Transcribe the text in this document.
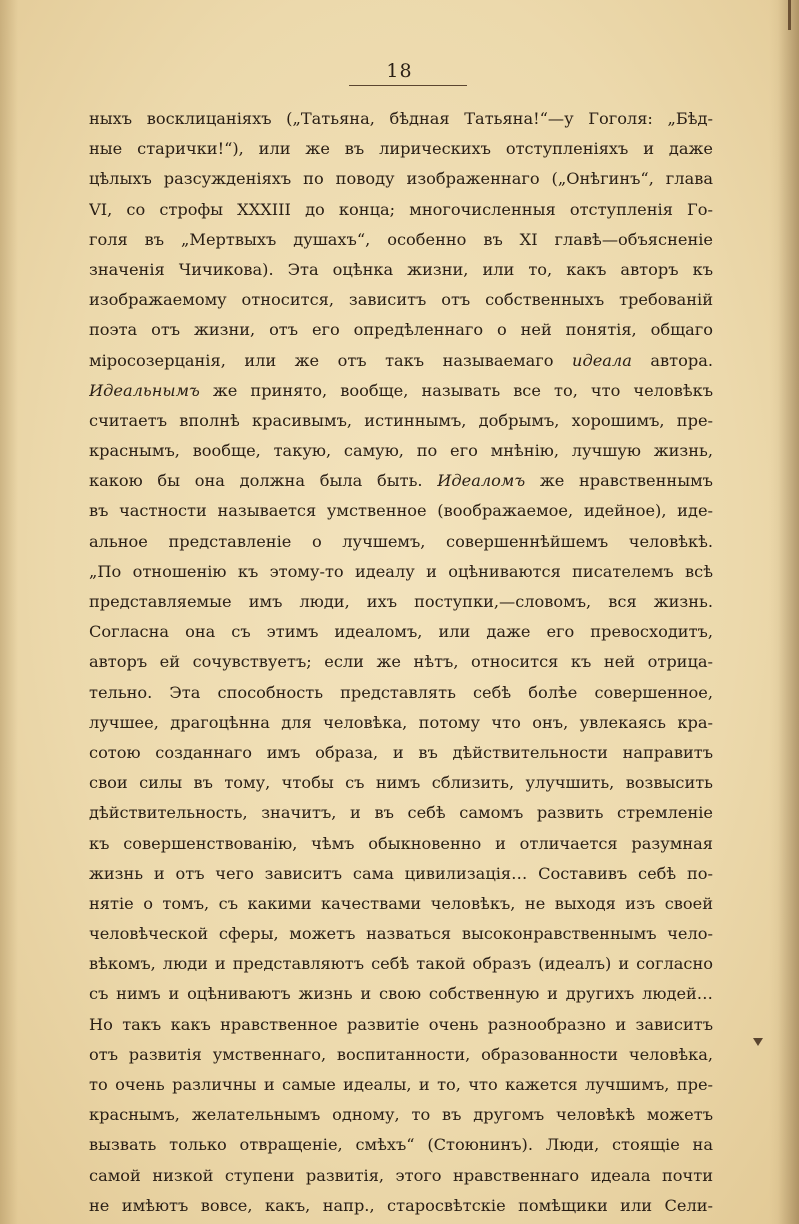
18
ныхъ восклицаніяхъ („Татьяна, бѣдная Татьяна!“—у Гоголя: „Бѣд-
ные старички!“), или же въ лирическихъ отступленіяхъ и даже
цѣлыхъ разсужденіяхъ по поводу изображеннаго („Онѣгинъ“, глава
VI, со строфы XXXIII до конца; многочисленныя отступленія Го-
голя въ „Мертвыхъ душахъ“, особенно въ XI главѣ—объясненіе
значенія Чичикова). Эта оцѣнка жизни, или то, какъ авторъ къ
изображаемому относится, зависитъ отъ собственныхъ требованій
поэта отъ жизни, отъ его опредѣленнаго о ней понятія, общаго
міросозерцанія, или же отъ такъ называемаго идеала автора.
Идеальнымъ же принято, вообще, называть все то, что человѣкъ
считаетъ вполнѣ красивымъ, истиннымъ, добрымъ, хорошимъ, пре-
краснымъ, вообще, такую, самую, по его мнѣнію, лучшую жизнь,
какою бы она должна была быть. Идеаломъ же нравственнымъ
въ частности называется умственное (воображаемое, идейное), иде-
альное представленіе о лучшемъ, совершеннѣйшемъ человѣкѣ.
„По отношенію къ этому-то идеалу и оцѣниваются писателемъ всѣ
представляемые имъ люди, ихъ поступки,—словомъ, вся жизнь.
Согласна она съ этимъ идеаломъ, или даже его превосходитъ,
авторъ ей сочувствуетъ; если же нѣтъ, относится къ ней отрица-
тельно. Эта способность представлять себѣ болѣе совершенное,
лучшее, драгоцѣнна для человѣка, потому что онъ, увлекаясь кра-
сотою созданнаго имъ образа, и въ дѣйствительности направитъ
свои силы въ тому, чтобы съ нимъ сблизить, улучшить, возвысить
дѣйствительность, значитъ, и въ себѣ самомъ развить стремленіе
къ совершенствованію, чѣмъ обыкновенно и отличается разумная
жизнь и отъ чего зависитъ сама цивилизація… Составивъ себѣ по-
нятіе о томъ, съ какими качествами человѣкъ, не выходя изъ своей
человѣческой сферы, можетъ назваться высоконравственнымъ чело-
вѣкомъ, люди и представляютъ себѣ такой образъ (идеалъ) и согласно
съ нимъ и оцѣниваютъ жизнь и свою собственную и другихъ людей…
Но такъ какъ нравственное развитіе очень разнообразно и зависитъ
отъ развитія умственнаго, воспитанности, образованности человѣка,
то очень различны и самые идеалы, и то, что кажется лучшимъ, пре-
краснымъ, желательнымъ одному, то въ другомъ человѣкѣ можетъ
вызвать только отвращеніе, смѣхъ“ (Стоюнинъ). Люди, стоящіе на
самой низкой ступени развитія, этого нравственнаго идеала почти
не имѣютъ вовсе, какъ, напр., старосвѣтскіе помѣщики или Сели-
